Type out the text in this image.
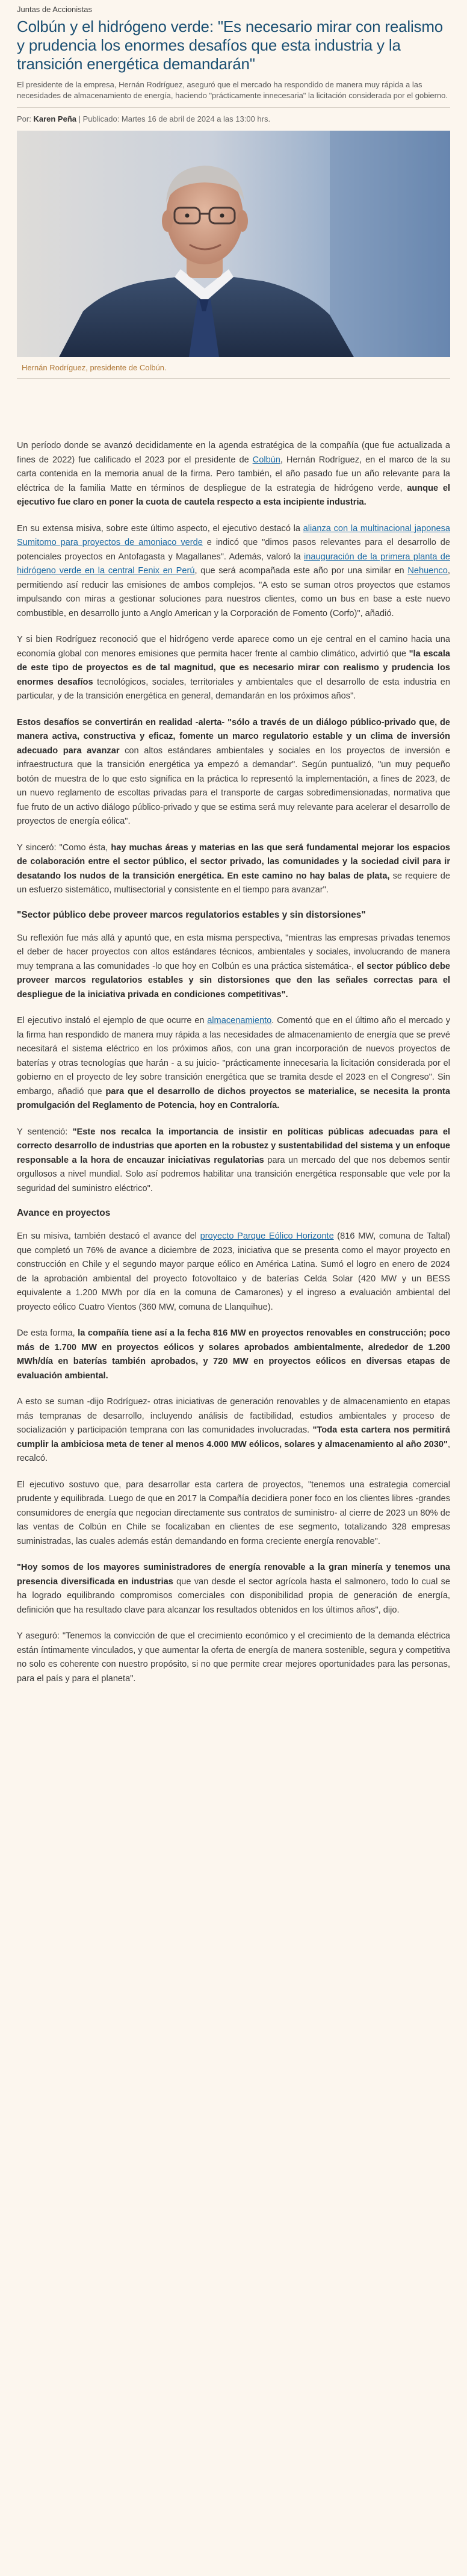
Juntas de Accionistas
Colbún y el hidrógeno verde: "Es necesario mirar con realismo y prudencia los enormes desafíos que esta industria y la transición energética demandarán"

El presidente de la empresa, Hernán Rodríguez, aseguró que el mercado ha respondido de manera muy rápida a las necesidades de almacenamiento de energía, haciendo "prácticamente innecesaria" la licitación considerada por el gobierno.

Por: Karen Peña | Publicado: Martes 16 de abril de 2024 a las 13:00 hrs.
Hernán Rodríguez, presidente de Colbún.

Un período donde se avanzó decididamente en la agenda estratégica de la compañía (que fue actualizada a fines de 2022) fue calificado el 2023 por el presidente de Colbún, Hernán Rodríguez, en el marco de la su carta contenida en la memoria anual de la firma. Pero también, el año pasado fue un año relevante para la eléctrica de la familia Matte en términos de despliegue de la estrategia de hidrógeno verde, aunque el ejecutivo fue claro en poner la cuota de cautela respecto a esta incipiente industria.

En su extensa misiva, sobre este último aspecto, el ejecutivo destacó la alianza con la multinacional japonesa Sumitomo para proyectos de amoniaco verde e indicó que "dimos pasos relevantes para el desarrollo de potenciales proyectos en Antofagasta y Magallanes". Además, valoró la inauguración de la primera planta de hidrógeno verde en la central Fenix en Perú, que será acompañada este año por una similar en Nehuenco, permitiendo así reducir las emisiones de ambos complejos. "A esto se suman otros proyectos que estamos impulsando con miras a gestionar soluciones para nuestros clientes, como un bus en base a este nuevo combustible, en desarrollo junto a Anglo American y la Corporación de Fomento (Corfo)", añadió.

Y si bien Rodríguez reconoció que el hidrógeno verde aparece como un eje central en el camino hacia una economía global con menores emisiones que permita hacer frente al cambio climático, advirtió que "la escala de este tipo de proyectos es de tal magnitud, que es necesario mirar con realismo y prudencia los enormes desafíos tecnológicos, sociales, territoriales y ambientales que el desarrollo de esta industria en particular, y de la transición energética en general, demandarán en los próximos años".

Estos desafíos se convertirán en realidad -alerta- "sólo a través de un diálogo público-privado que, de manera activa, constructiva y eficaz, fomente un marco regulatorio estable y un clima de inversión adecuado para avanzar con altos estándares ambientales y sociales en los proyectos de inversión e infraestructura que la transición energética ya empezó a demandar". Según puntualizó, "un muy pequeño botón de muestra de lo que esto significa en la práctica lo representó la implementación, a fines de 2023, de un nuevo reglamento de escoltas privadas para el transporte de cargas sobredimensionadas, normativa que fue fruto de un activo diálogo público-privado y que se estima será muy relevante para acelerar el desarrollo de proyectos de energía eólica".

Y sinceró: "Como ésta, hay muchas áreas y materias en las que será fundamental mejorar los espacios de colaboración entre el sector público, el sector privado, las comunidades y la sociedad civil para ir desatando los nudos de la transición energética. En este camino no hay balas de plata, se requiere de un esfuerzo sistemático, multisectorial y consistente en el tiempo para avanzar".

"Sector público debe proveer marcos regulatorios estables y sin distorsiones"

Su reflexión fue más allá y apuntó que, en esta misma perspectiva, "mientras las empresas privadas tenemos el deber de hacer proyectos con altos estándares técnicos, ambientales y sociales, involucrando de manera muy temprana a las comunidades -lo que hoy en Colbún es una práctica sistemática-, el sector público debe proveer marcos regulatorios estables y sin distorsiones que den las señales correctas para el despliegue de la iniciativa privada en condiciones competitivas".

El ejecutivo instaló el ejemplo de que ocurre en almacenamiento. Comentó que en el último año el mercado y la firma han respondido de manera muy rápida a las necesidades de almacenamiento de energía que se prevé necesitará el sistema eléctrico en los próximos años, con una gran incorporación de nuevos proyectos de baterías y otras tecnologías que harán - a su juicio- "prácticamente innecesaria la licitación considerada por el gobierno en el proyecto de ley sobre transición energética que se tramita desde el 2023 en el Congreso". Sin embargo, añadió que para que el desarrollo de dichos proyectos se materialice, se necesita la pronta promulgación del Reglamento de Potencia, hoy en Contraloría.

Y sentenció: "Este nos recalca la importancia de insistir en políticas públicas adecuadas para el correcto desarrollo de industrias que aporten en la robustez y sustentabilidad del sistema y un enfoque responsable a la hora de encauzar iniciativas regulatorias para un mercado del que nos debemos sentir orgullosos a nivel mundial. Solo así podremos habilitar una transición energética responsable que vele por la seguridad del suministro eléctrico".

Avance en proyectos

En su misiva, también destacó el avance del proyecto Parque Eólico Horizonte (816 MW, comuna de Taltal) que completó un 76% de avance a diciembre de 2023, iniciativa que se presenta como el mayor proyecto en construcción en Chile y el segundo mayor parque eólico en América Latina. Sumó el logro en enero de 2024 de la aprobación ambiental del proyecto fotovoltaico y de baterías Celda Solar (420 MW y un BESS equivalente a 1.200 MWh por día en la comuna de Camarones) y el ingreso a evaluación ambiental del proyecto eólico Cuatro Vientos (360 MW, comuna de Llanquihue).

De esta forma, la compañía tiene así a la fecha 816 MW en proyectos renovables en construcción; poco más de 1.700 MW en proyectos eólicos y solares aprobados ambientalmente, alrededor de 1.200 MWh/día en baterías también aprobados, y 720 MW en proyectos eólicos en diversas etapas de evaluación ambiental.

A esto se suman -dijo Rodríguez- otras iniciativas de generación renovables y de almacenamiento en etapas más tempranas de desarrollo, incluyendo análisis de factibilidad, estudios ambientales y proceso de socialización y participación temprana con las comunidades involucradas. "Toda esta cartera nos permitirá cumplir la ambiciosa meta de tener al menos 4.000 MW eólicos, solares y almacenamiento al año 2030", recalcó.

El ejecutivo sostuvo que, para desarrollar esta cartera de proyectos, "tenemos una estrategia comercial prudente y equilibrada. Luego de que en 2017 la Compañía decidiera poner foco en los clientes libres -grandes consumidores de energía que negocian directamente sus contratos de suministro- al cierre de 2023 un 80% de las ventas de Colbún en Chile se focalizaban en clientes de ese segmento, totalizando 328 empresas suministradas, las cuales además están demandando en forma creciente energía renovable".

"Hoy somos de los mayores suministradores de energía renovable a la gran minería y tenemos una presencia diversificada en industrias que van desde el sector agrícola hasta el salmonero, todo lo cual se ha logrado equilibrando compromisos comerciales con disponibilidad propia de generación de energía, definición que ha resultado clave para alcanzar los resultados obtenidos en los últimos años", dijo.

Y aseguró: "Tenemos la convicción de que el crecimiento económico y el crecimiento de la demanda eléctrica están íntimamente vinculados, y que aumentar la oferta de energía de manera sostenible, segura y competitiva no solo es coherente con nuestro propósito, si no que permite crear mejores oportunidades para las personas, para el país y para el planeta".
